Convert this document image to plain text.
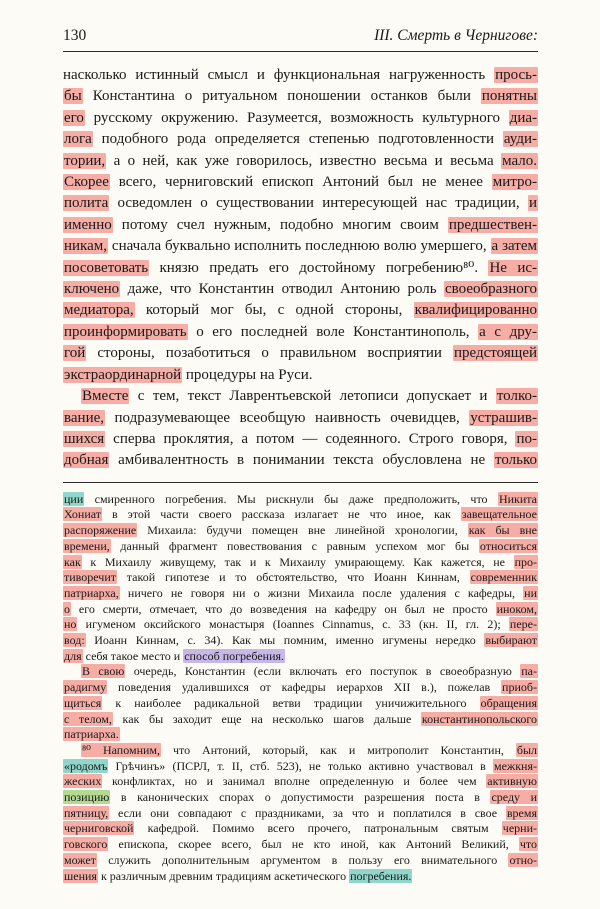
130	III. Смерть в Чернигове:
насколько истинный смысл и функциональная нагруженность прось-
бы Константина о ритуальном поношении останков были понятны
его русскому окружению. Разумеется, возможность культурного диа-
лога подобного рода определяется степенью подготовленности ауди-
тории, а о ней, как уже говорилось, известно весьма и весьма мало.
Скорее всего, черниговский епископ Антоний был не менее митро-
полита осведомлен о существовании интересующей нас традиции, и
именно потому счел нужным, подобно многим своим предшествен-
никам, сначала буквально исполнить последнюю волю умершего, а затем
посоветовать князю предать его достойному погребению⁸⁰. Не ис-
ключено даже, что Константин отводил Антонию роль своеобразного
медиатора, который мог бы, с одной стороны, квалифицированно
проинформировать о его последней воле Константинополь, а с дру-
гой стороны, позаботиться о правильном восприятии предстоящей
экстраординарной процедуры на Руси.
Вместе с тем, текст Лаврентьевской летописи допускает и толко-
вание, подразумевающее всеобщую наивность очевидцев, устрашив-
шихся сперва проклятия, а потом — содеянного. Строго говоря, по-
добная амбивалентность в понимании текста обусловлена не только
ции смиренного погребения. Мы рискнули бы даже предположить, что Никита
Хониат в этой части своего рассказа излагает не что иное, как завещательное
распоряжение Михаила: будучи помещен вне линейной хронологии, как бы вне
времени, данный фрагмент повествования с равным успехом мог бы относиться
как к Михаилу живущему, так и к Михаилу умирающему. Как кажется, не про-
тиворечит такой гипотезе и то обстоятельство, что Иоанн Киннам, современник
патриарха, ничего не говоря ни о жизни Михаила после удаления с кафедры, ни
о его смерти, отмечает, что до возведения на кафедру он был не просто иноком,
но игуменом оксийского монастыря (Ioannes Cinnamus, с. 33 (кн. II, гл. 2); пере-
вод: Иоанн Киннам, с. 34). Как мы помним, именно игумены нередко выбирают
для себя такое место и способ погребения.
В свою очередь, Константин (если включать его поступок в своеобразную па-
радигму поведения удалившихся от кафедры иерархов XII в.), пожелав приоб-
щиться к наиболее радикальной ветви традиции уничижительного обращения
с телом, как бы заходит еще на несколько шагов дальше константинопольского
патриарха.
⁸⁰ Напомним, что Антоний, который, как и митрополит Константин, был
«родомъ Грѣчинъ» (ПСРЛ, т. II, стб. 523), не только активно участвовал в межкня-
жеских конфликтах, но и занимал вполне определенную и более чем активную
позицию в канонических спорах о допустимости разрешения поста в среду и
пятницу, если они совпадают с праздниками, за что и поплатился в свое время
черниговской кафедрой. Помимо всего прочего, патрональным святым черни-
говского епископа, скорее всего, был не кто иной, как Антоний Великий, что
может служить дополнительным аргументом в пользу его внимательного отно-
шения к различным древним традициям аскетического погребения.
